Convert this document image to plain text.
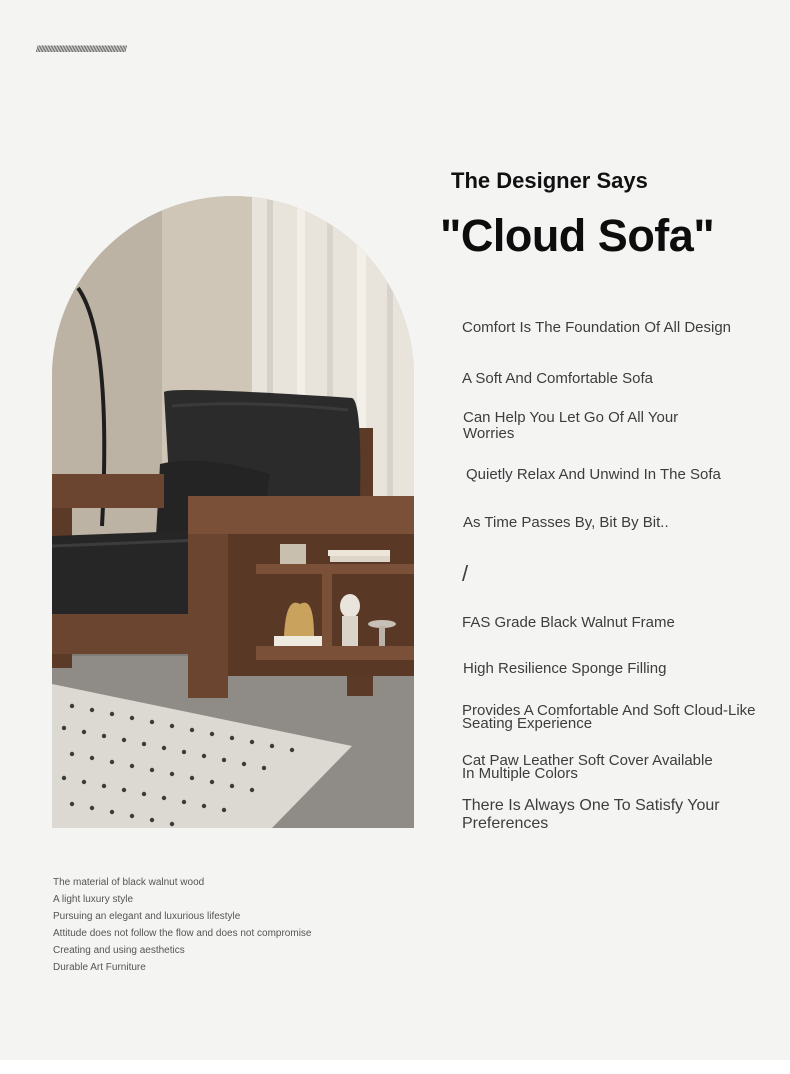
////////////////////////////////////////////////////////////
The Designer Says
"Cloud Sofa"
Comfort Is The Foundation Of All Design
A Soft And Comfortable Sofa
Can Help You Let Go Of All Your Worries
Quietly Relax And Unwind In The Sofa
As Time Passes By, Bit By Bit..
/
FAS Grade Black Walnut Frame
High Resilience Sponge Filling
Provides A Comfortable And Soft Cloud-Like Seating Experience
Cat Paw Leather Soft Cover Available In Multiple Colors
There Is Always One To Satisfy Your Preferences
The material of black walnut wood
A light luxury style
Pursuing an elegant and luxurious lifestyle
Attitude does not follow the flow and does not compromise
Creating and using aesthetics
Durable Art Furniture
